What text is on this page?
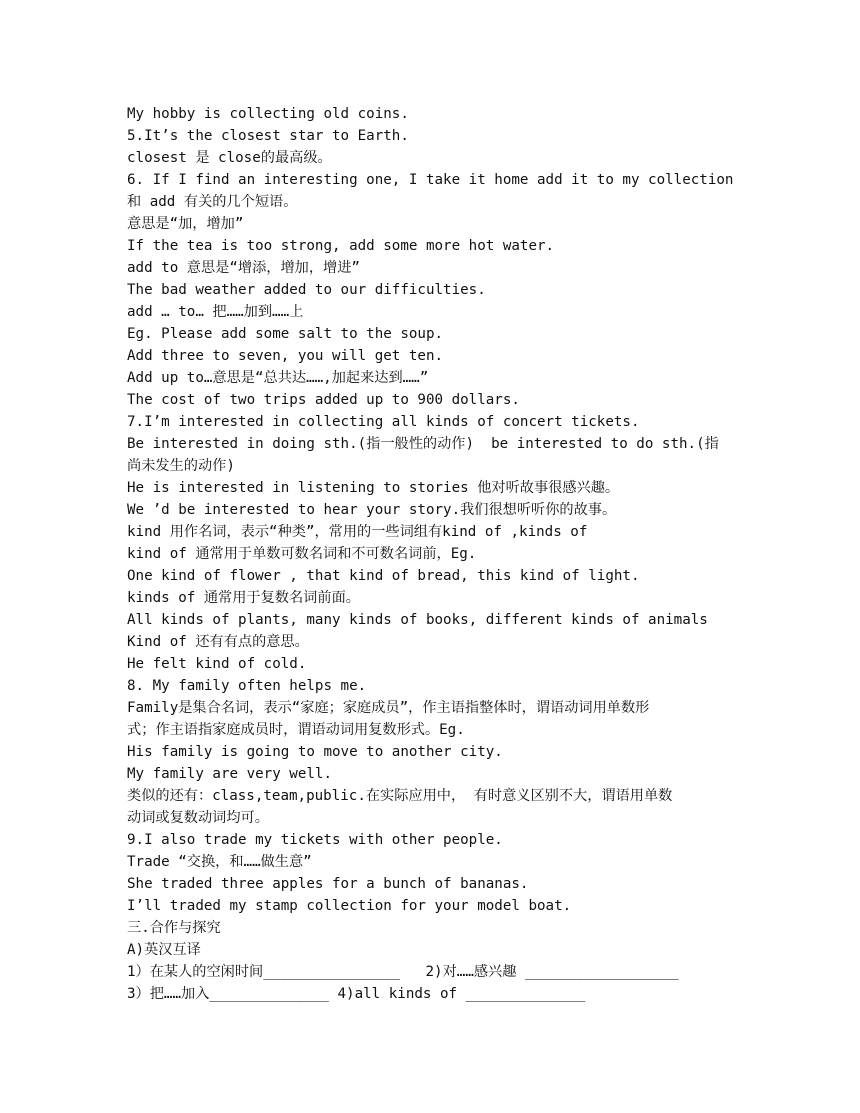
My hobby is collecting old coins.
5.It’s the closest star to Earth.
closest 是 close的最高级。
6. If I find an interesting one, I take it home add it to my collection
和 add 有关的几个短语。
意思是“加，增加”
If the tea is too strong, add some more hot water.
add to 意思是“增添，增加，增进”
The bad weather added to our difficulties.
add … to… 把……加到……上
Eg. Please add some salt to the soup.
Add three to seven, you will get ten.
Add up to…意思是“总共达……,加起来达到……”
The cost of two trips added up to 900 dollars.
7.I’m interested in collecting all kinds of concert tickets.
Be interested in doing sth.(指一般性的动作)  be interested to do sth.(指
尚未发生的动作)
He is interested in listening to stories 他对听故事很感兴趣。
We ’d be interested to hear your story.我们很想听听你的故事。
kind 用作名词，表示“种类”，常用的一些词组有kind of ,kinds of
kind of 通常用于单数可数名词和不可数名词前，Eg.
One kind of flower , that kind of bread, this kind of light.
kinds of 通常用于复数名词前面。
All kinds of plants, many kinds of books, different kinds of animals
Kind of 还有有点的意思。
He felt kind of cold.
8. My family often helps me.
Family是集合名词，表示“家庭；家庭成员”，作主语指整体时，谓语动词用单数形
式；作主语指家庭成员时，谓语动词用复数形式。Eg.
His family is going to move to another city.
My family are very well.
类似的还有：class,team,public.在实际应用中， 有时意义区别不大，谓语用单数
动词或复数动词均可。
9.I also trade my tickets with other people.
Trade “交换，和……做生意”
She traded three apples for a bunch of bananas.
I’ll traded my stamp collection for your model boat.
三.合作与探究
A)英汉互译
1）在某人的空闲时间________________   2)对……感兴趣 __________________
3）把……加入______________ 4)all kinds of ______________
